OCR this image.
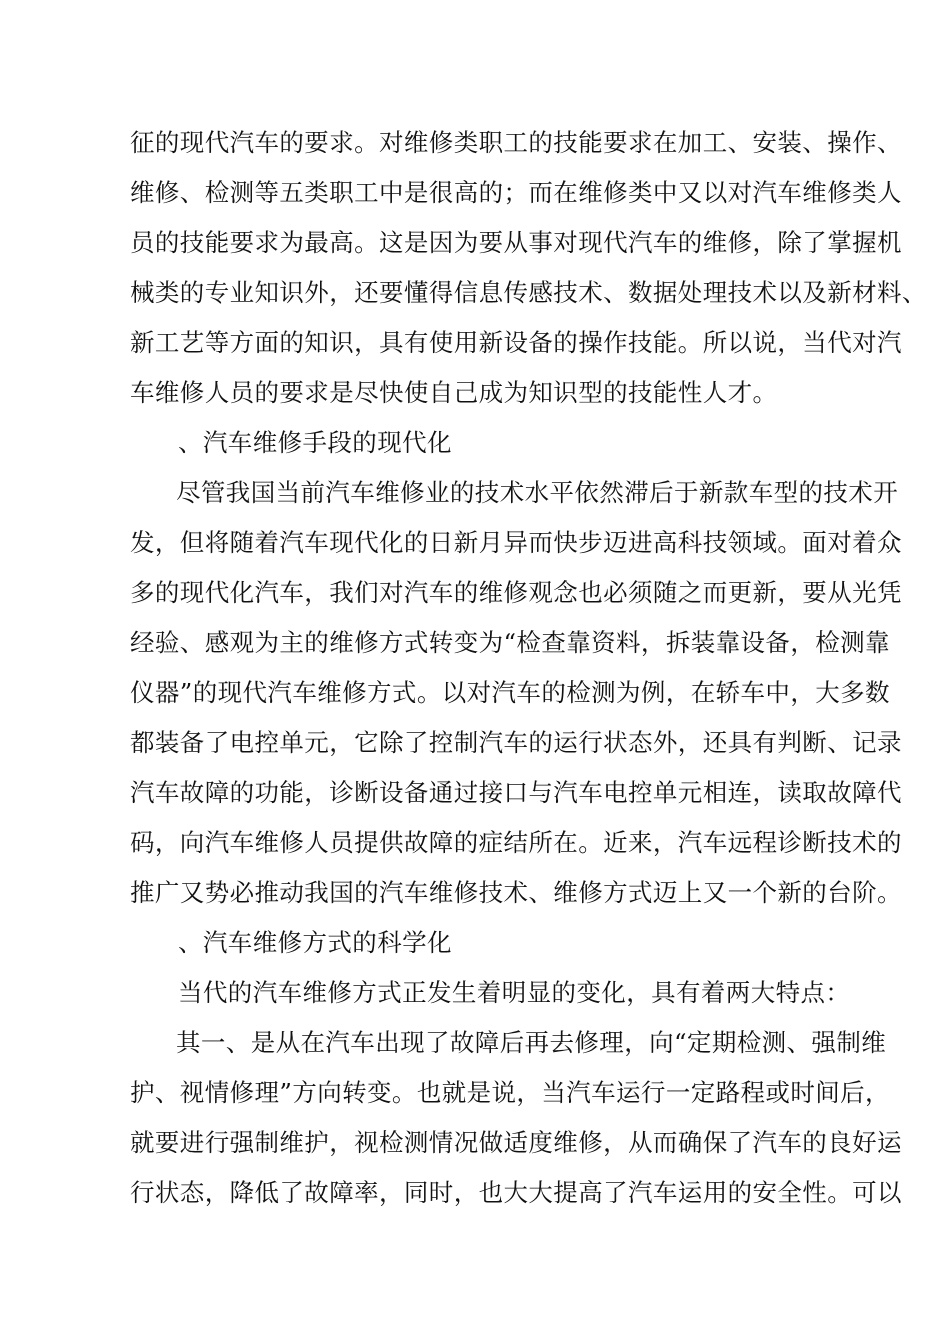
征的现代汽车的要求。对维修类职工的技能要求在加工、安装、操作、
维修、检测等五类职工中是很高的；而在维修类中又以对汽车维修类人
员的技能要求为最高。这是因为要从事对现代汽车的维修，除了掌握机
械类的专业知识外，还要懂得信息传感技术、数据处理技术以及新材料、
新工艺等方面的知识，具有使用新设备的操作技能。所以说，当代对汽
车维修人员的要求是尽快使自己成为知识型的技能性人才。
、汽车维修手段的现代化
尽管我国当前汽车维修业的技术水平依然滞后于新款车型的技术开
发，但将随着汽车现代化的日新月异而快步迈进高科技领域。面对着众
多的现代化汽车，我们对汽车的维修观念也必须随之而更新，要从光凭
经验、感观为主的维修方式转变为“检查靠资料，拆装靠设备，检测靠
仪器”的现代汽车维修方式。以对汽车的检测为例，在轿车中，大多数
都装备了电控单元，它除了控制汽车的运行状态外，还具有判断、记录
汽车故障的功能，诊断设备通过接口与汽车电控单元相连，读取故障代
码，向汽车维修人员提供故障的症结所在。近来，汽车远程诊断技术的
推广又势必推动我国的汽车维修技术、维修方式迈上又一个新的台阶。
、汽车维修方式的科学化
当代的汽车维修方式正发生着明显的变化，具有着两大特点：
其一、是从在汽车出现了故障后再去修理，向“定期检测、强制维
护、视情修理”方向转变。也就是说，当汽车运行一定路程或时间后，
就要进行强制维护，视检测情况做适度维修，从而确保了汽车的良好运
行状态，降低了故障率，同时，也大大提高了汽车运用的安全性。可以
